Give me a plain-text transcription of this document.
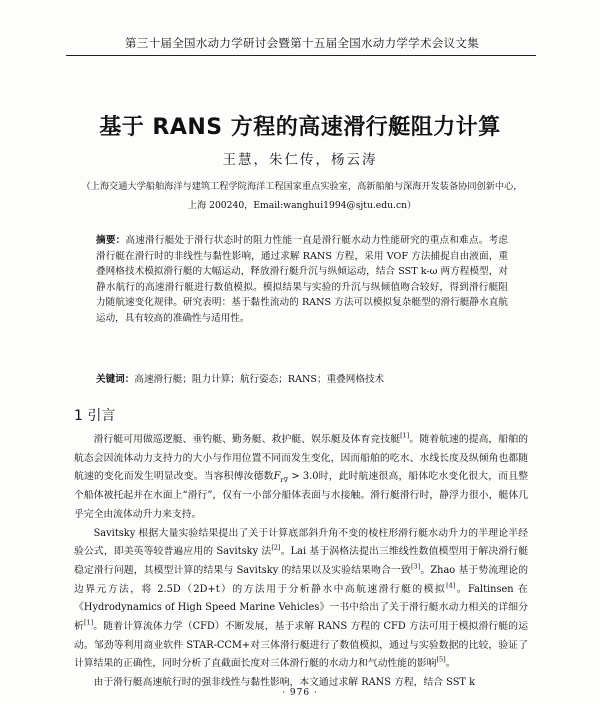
第三十届全国水动力学研讨会暨第十五届全国水动力学学术会议文集
基于 RANS 方程的高速滑行艇阻力计算
王慧，朱仁传，杨云涛
（上海交通大学船舶海洋与建筑工程学院海洋工程国家重点实验室，高新船舶与深海开发装备协同创新中心，
上海 200240，Email:wanghui1994@sjtu.edu.cn）
摘要：高速滑行艇处于滑行状态时的阻力性能一直是滑行艇水动力性能研究的重点和难点。考虑滑行艇在滑行时的非线性与黏性影响，通过求解 RANS 方程，采用 VOF 方法捕捉自由液面，重叠网格技术模拟滑行艇的大幅运动，释放滑行艇升沉与纵倾运动，结合 SST k-ω 两方程模型，对静水航行的高速滑行艇进行数值模拟。模拟结果与实验的升沉与纵倾值吻合较好，得到滑行艇阻力随航速变化规律。研究表明：基于黏性流动的 RANS 方法可以模拟复杂艇型的滑行艇静水直航运动，具有较高的准确性与适用性。
关键词：高速滑行艇；阻力计算；航行姿态；RANS；重叠网格技术
1 引言

滑行艇可用做巡逻艇、垂钓艇、勤务艇、救护艇、娱乐艇及体育竞技艇[1]。随着航速的提高，船舶的航态会因流体动力支持力的大小与作用位置不同而发生变化，因而船舶的吃水、水线长度及纵倾角也都随航速的变化而发生明显改变。当容积傅汝德数$F_{r\nabla} > 3.0$时，此时航速很高，船体吃水变化很大，而且整个船体被托起并在水面上“滑行”，仅有一小部分船体表面与水接触。滑行艇滑行时，静浮力很小，艇体几乎完全由流体动升力来支持。

Savitsky 根据大量实验结果提出了关于计算底部斜升角不变的棱柱形滑行艇水动升力的半理论半经验公式，即美英等较普遍应用的 Savitsky 法[2]。Lai 基于涡格法提出三维线性数值模型用于解决滑行艇稳定滑行问题，其模型计算的结果与 Savitsky 的结果以及实验结果吻合一致[3]。Zhao 基于势流理论的边界元方法，将 2.5D（2D+t）的方法用于分析静水中高航速滑行艇的模拟[4]。Faltinsen 在《Hydrodynamics of High Speed Marine Vehicles》一书中给出了关于滑行艇水动力相关的详细分析[1]。随着计算流体力学（CFD）不断发展，基于求解 RANS 方程的 CFD 方法可用于模拟滑行艇的运动。邹劲等利用商业软件 STAR-CCM+对三体滑行艇进行了数值模拟，通过与实验数据的比较，验证了计算结果的正确性，同时分析了直截面长度对三体滑行艇的水动力和气动性能的影响[5]。

由于滑行艇高速航行时的强非线性与黏性影响，本文通过求解 RANS 方程，结合 SST k

· 976 ·
